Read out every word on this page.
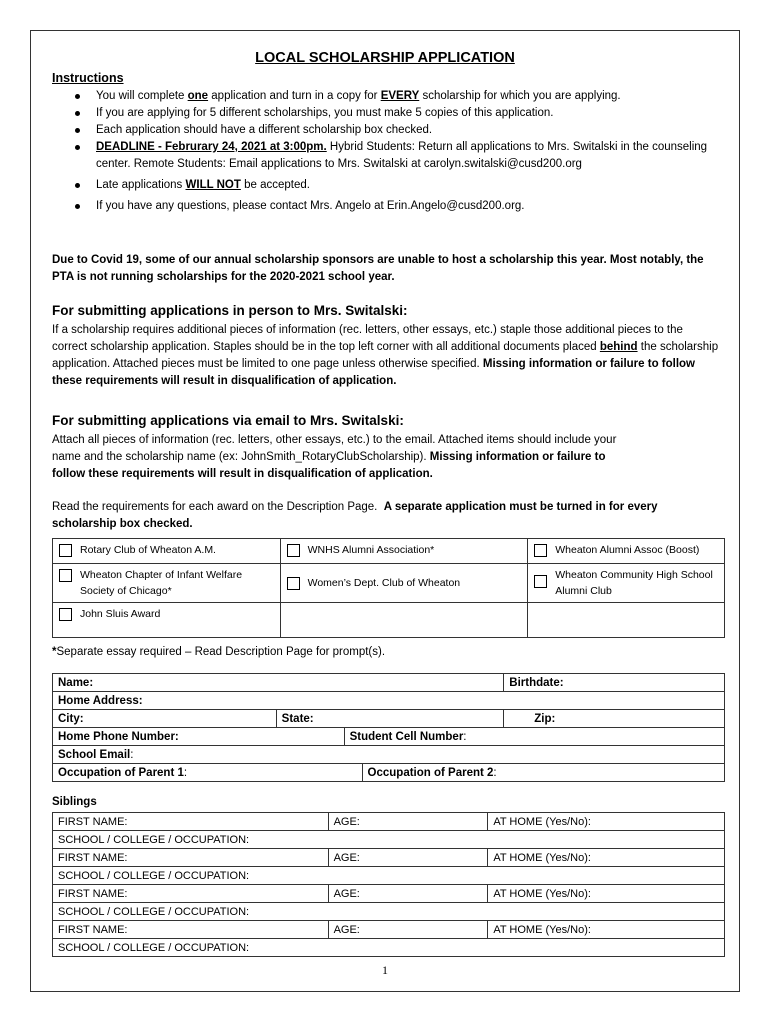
LOCAL SCHOLARSHIP APPLICATION
Instructions
You will complete one application and turn in a copy for EVERY scholarship for which you are applying.
If you are applying for 5 different scholarships, you must make 5 copies of this application.
Each application should have a different scholarship box checked.
DEADLINE - Februrary 24, 2021 at 3:00pm. Hybrid Students: Return all applications to Mrs. Switalski in the counseling center. Remote Students: Email applications to Mrs. Switalski at carolyn.switalski@cusd200.org
Late applications WILL NOT be accepted.
If you have any questions, please contact Mrs. Angelo at Erin.Angelo@cusd200.org.
Due to Covid 19, some of our annual scholarship sponsors are unable to host a scholarship this year. Most notably, the PTA is not running scholarships for the 2020-2021 school year.
For submitting applications in person to Mrs. Switalski:
If a scholarship requires additional pieces of information (rec. letters, other essays, etc.) staple those additional pieces to the correct scholarship application. Staples should be in the top left corner with all additional documents placed behind the scholarship application. Attached pieces must be limited to one page unless otherwise specified. Missing information or failure to follow these requirements will result in disqualification of application.
For submitting applications via email to Mrs. Switalski:
Attach all pieces of information (rec. letters, other essays, etc.) to the email. Attached items should include your name and the scholarship name (ex: JohnSmith_RotaryClubScholarship). Missing information or failure to follow these requirements will result in disqualification of application.
Read the requirements for each award on the Description Page. A separate application must be turned in for every scholarship box checked.
Rotary Club of Wheaton A.M.	WNHS Alumni Association*	Wheaton Alumni Assoc (Boost)

Wheaton Chapter of Infant Welfare Society of Chicago*	Women’s Dept. Club of Wheaton	Wheaton Community High School Alumni Club

John Sluis Award		

*Separate essay required – Read Description Page for prompt(s).
Name:				Birthdate:
Home Address:				
City:	State:			Zip:
Home Phone Number:		Student Cell Number:		
School Email:				
Occupation of Parent 1:			Occupation of Parent 2:	
Siblings
FIRST NAME:	AGE:	AT HOME (Yes/No):
SCHOOL / COLLEGE / OCCUPATION:		
FIRST NAME:	AGE:	AT HOME (Yes/No):
SCHOOL / COLLEGE / OCCUPATION:		
FIRST NAME:	AGE:	AT HOME (Yes/No):
SCHOOL / COLLEGE / OCCUPATION:		
FIRST NAME:	AGE:	AT HOME (Yes/No):
SCHOOL / COLLEGE / OCCUPATION:		
1
